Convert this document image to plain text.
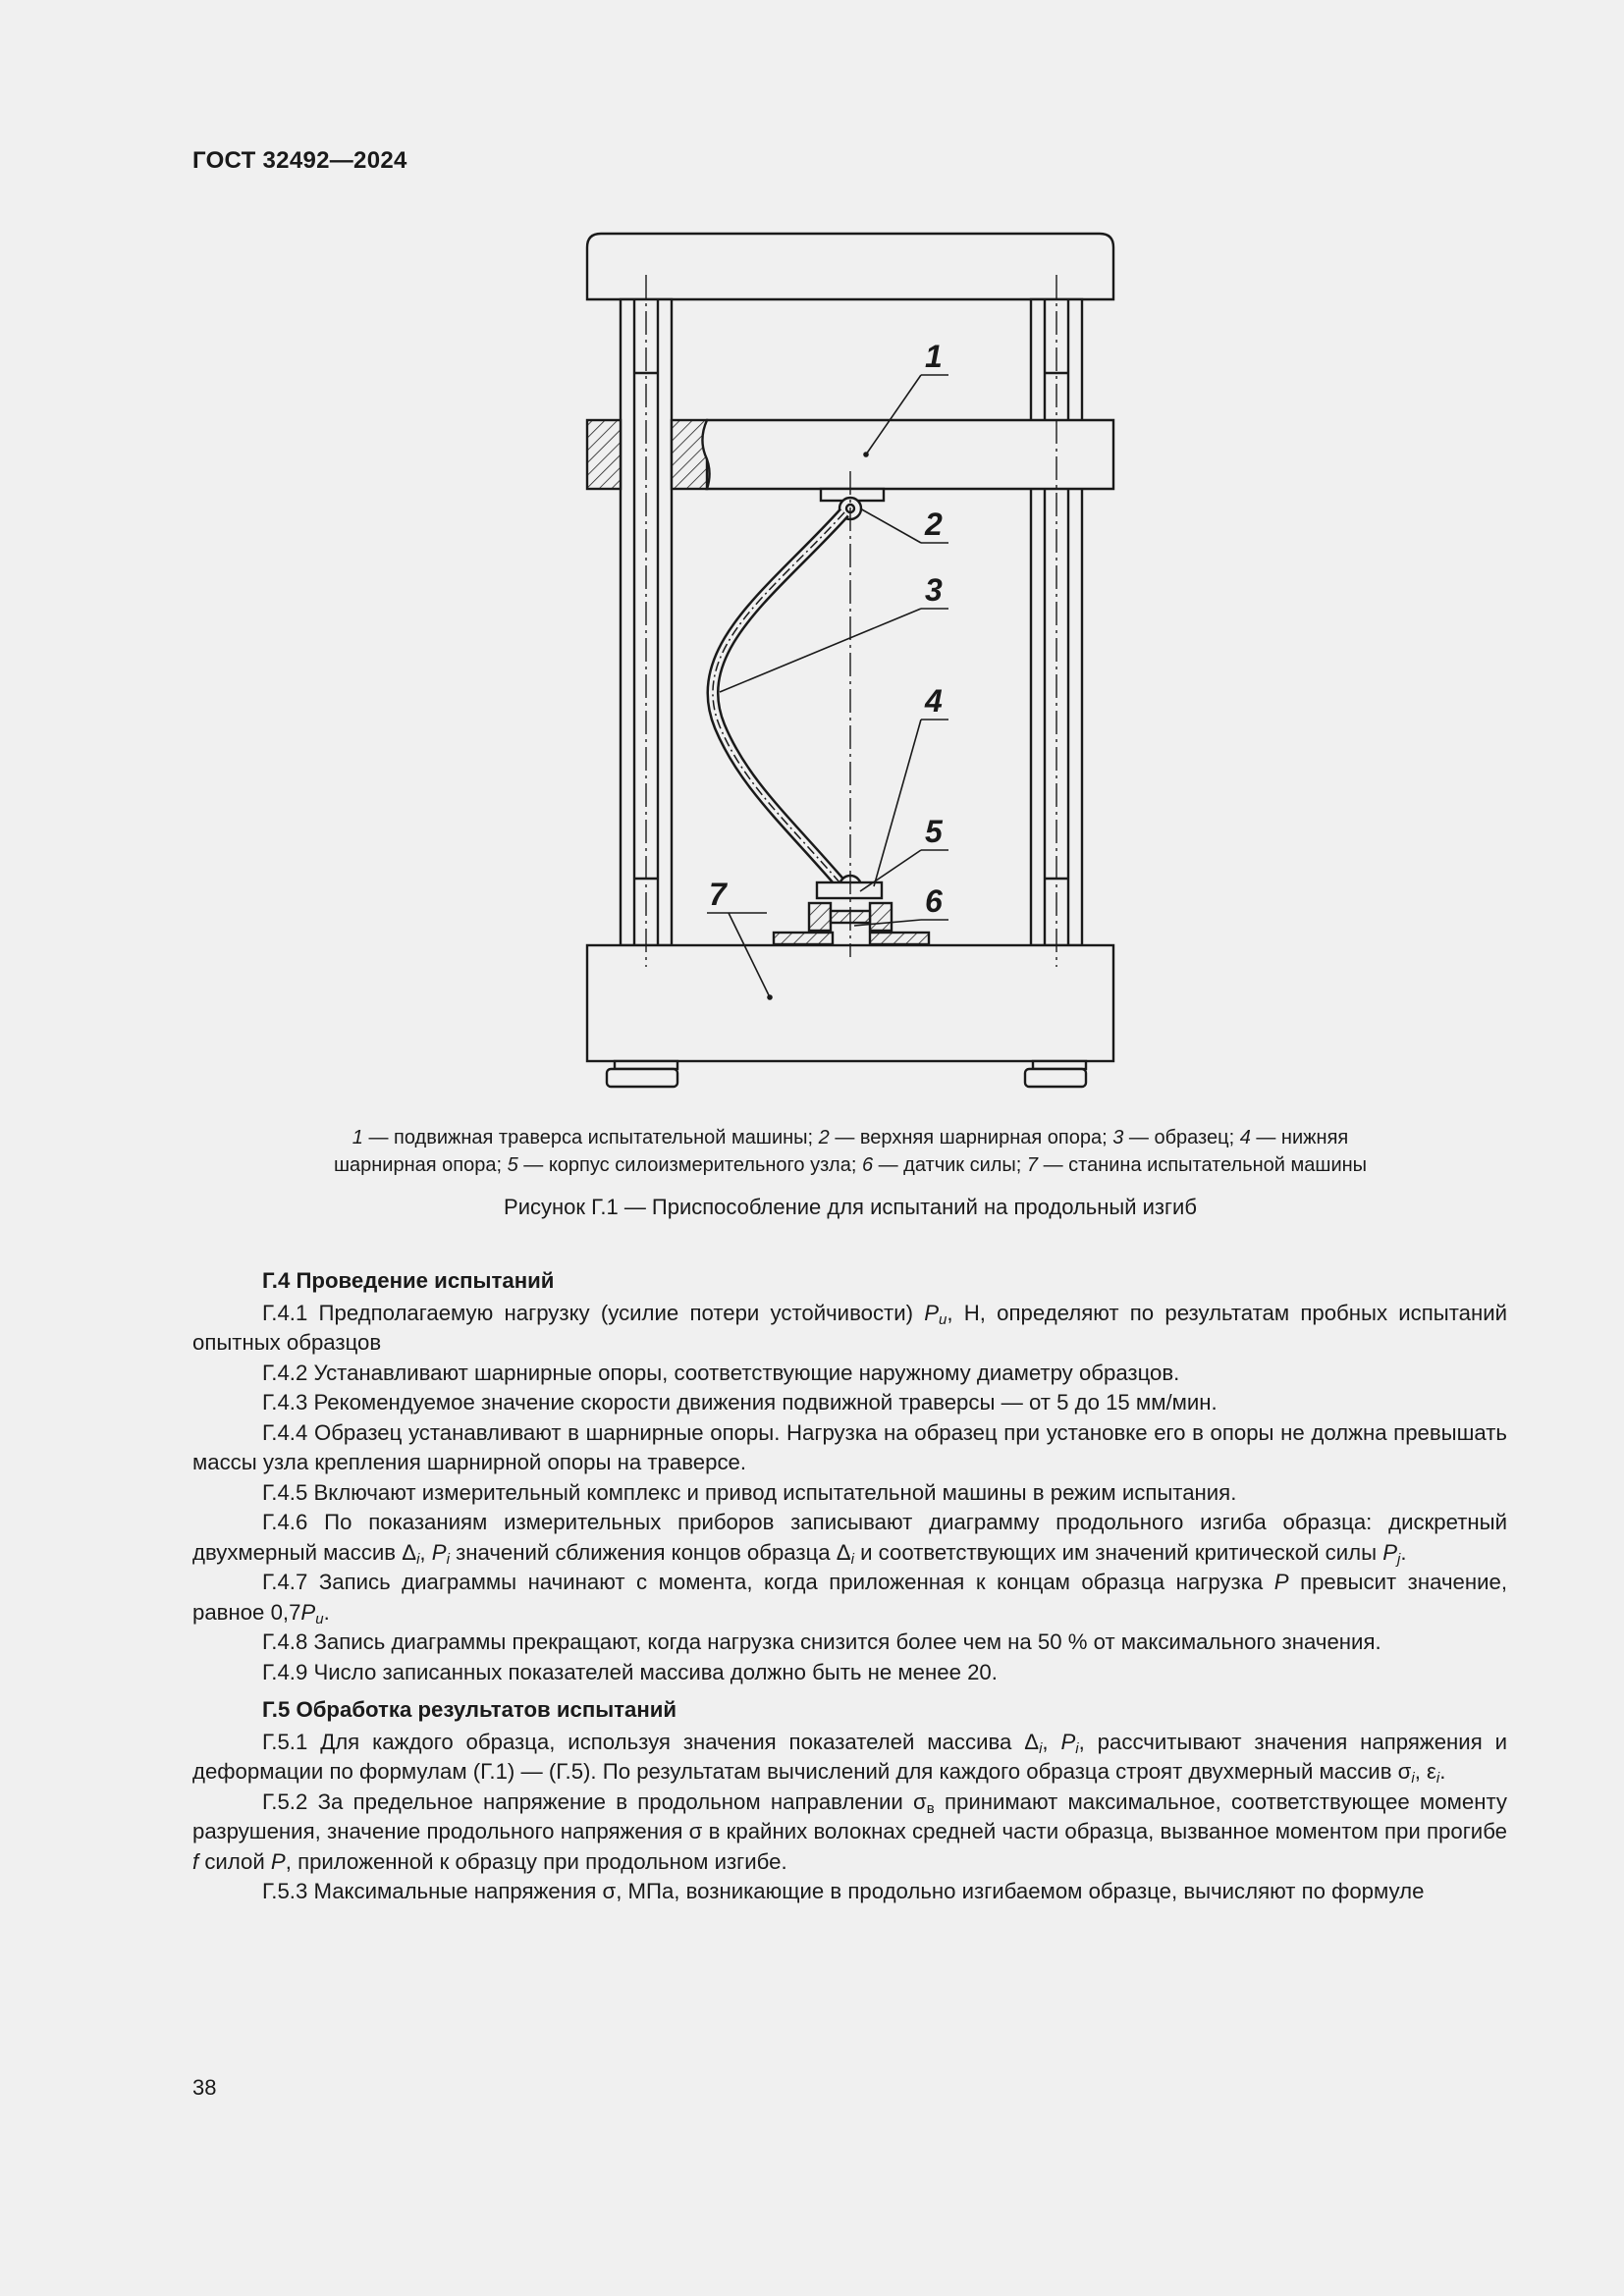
ГОСТ 32492—2024
1
2
3
4
5
6
7
1 — подвижная траверса испытательной машины; 2 — верхняя шарнирная опора; 3 — образец; 4 — нижняя
шарнирная опора; 5 — корпус силоизмерительного узла; 6 — датчик силы; 7 — станина испытательной машины
Рисунок Г.1 — Приспособление для испытаний на продольный изгиб

Г.4 Проведение испытаний

Г.4.1 Предполагаемую нагрузку (усилие потери устойчивости) $P_u$, Н, определяют по результатам пробных испытаний опытных образцов

Г.4.2 Устанавливают шарнирные опоры, соответствующие наружному диаметру образцов.

Г.4.3 Рекомендуемое значение скорости движения подвижной траверсы — от 5 до 15 мм/мин.

Г.4.4 Образец устанавливают в шарнирные опоры. Нагрузка на образец при установке его в опоры не должна превышать массы узла крепления шарнирной опоры на траверсе.

Г.4.5 Включают измерительный комплекс и привод испытательной машины в режим испытания.

Г.4.6 По показаниям измерительных приборов записывают диаграмму продольного изгиба образца: дискретный двухмерный массив $\Delta_i$, $P_i$ значений сближения концов образца $\Delta_i$ и соответствующих им значений критической силы $P_j$.

Г.4.7 Запись диаграммы начинают с момента, когда приложенная к концам образца нагрузка P превысит значение, равное $0,7P_u$.

Г.4.8 Запись диаграммы прекращают, когда нагрузка снизится более чем на 50 % от максимального значения.

Г.4.9 Число записанных показателей массива должно быть не менее 20.

Г.5 Обработка результатов испытаний

Г.5.1 Для каждого образца, используя значения показателей массива $\Delta_i$, $P_i$, рассчитывают значения напряжения и деформации по формулам (Г.1) — (Г.5). По результатам вычислений для каждого образца строят двухмерный массив $\sigma_i$, $\varepsilon_i$.

Г.5.2 За предельное напряжение в продольном направлении $\sigma_в$ принимают максимальное, соответствующее моменту разрушения, значение продольного напряжения σ в крайних волокнах средней части образца, вызванное моментом при прогибе f силой P, приложенной к образцу при продольном изгибе.

Г.5.3 Максимальные напряжения σ, МПа, возникающие в продольно изгибаемом образце, вычисляют по формуле

38
